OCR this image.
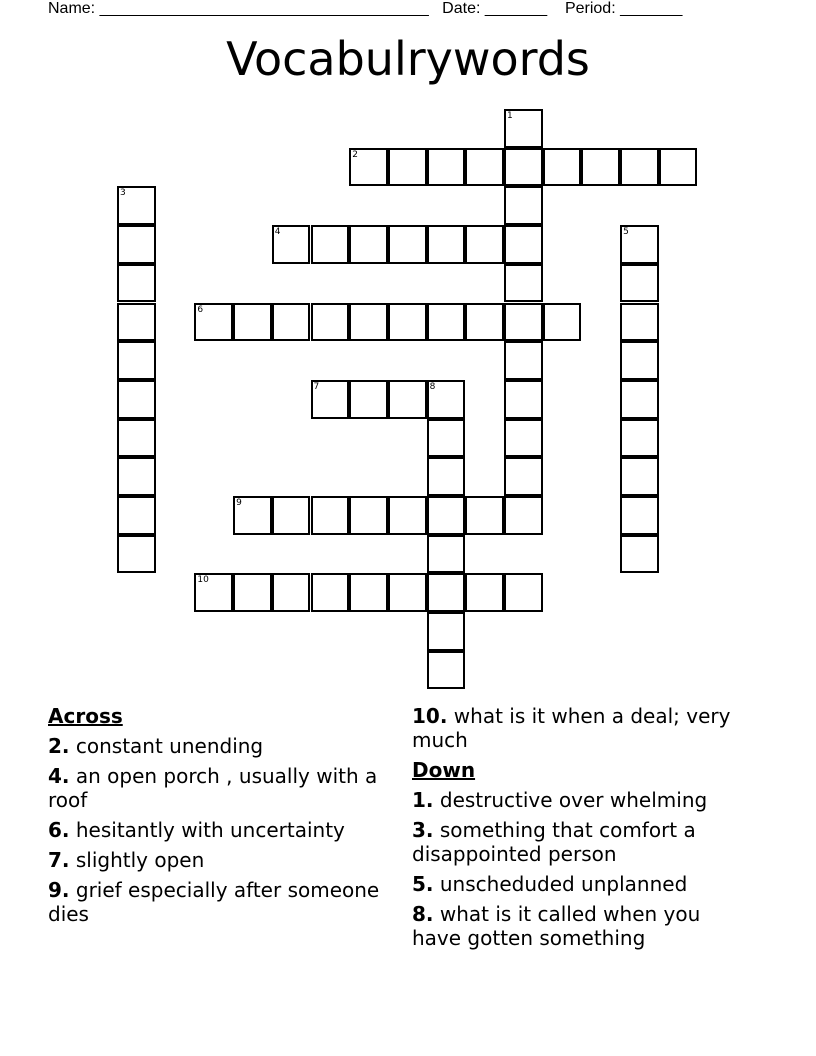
Name: _____________________________________ Date: _______ Period: _______
Vocabulrywords
1
2
3
4	5
6
7	8
9
10
Across
2. constant unending
4. an open porch , usually with a roof
6. hesitantly with uncertainty
7. slightly open
9. grief especially after someone dies
10. what is it when a deal; very much
Down
1. destructive over whelming
3. something that comfort a disappointed person
5. unscheduded unplanned
8. what is it called when you have gotten something
